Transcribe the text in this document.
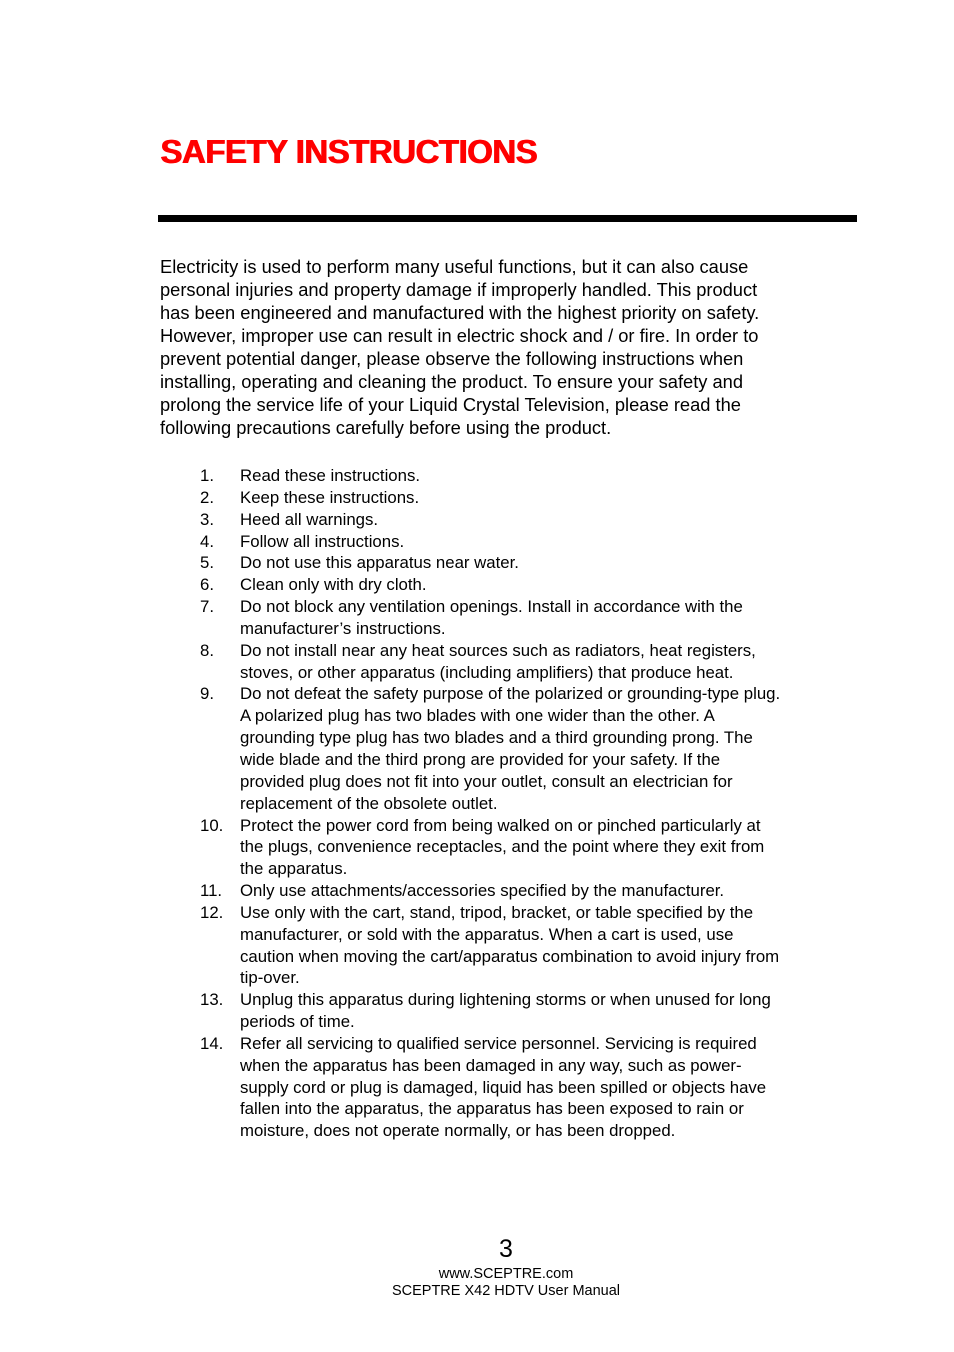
SAFETY INSTRUCTIONS

Electricity is used to perform many useful functions, but it can also cause
personal injuries and property damage if improperly handled. This product
has been engineered and manufactured with the highest priority on safety.
However, improper use can result in electric shock and / or fire. In order to
prevent potential danger, please observe the following instructions when
installing, operating and cleaning the product. To ensure your safety and
prolong the service life of your Liquid Crystal Television, please read the
following precautions carefully before using the product.

1. Read these instructions.
2. Keep these instructions.
3. Heed all warnings.
4. Follow all instructions.
5. Do not use this apparatus near water.
6. Clean only with dry cloth.
7. Do not block any ventilation openings. Install in accordance with the
manufacturer’s instructions.
8. Do not install near any heat sources such as radiators, heat registers,
stoves, or other apparatus (including amplifiers) that produce heat.
9. Do not defeat the safety purpose of the polarized or grounding-type plug.
A polarized plug has two blades with one wider than the other. A
grounding type plug has two blades and a third grounding prong. The
wide blade and the third prong are provided for your safety. If the
provided plug does not fit into your outlet, consult an electrician for
replacement of the obsolete outlet.
10. Protect the power cord from being walked on or pinched particularly at
the plugs, convenience receptacles, and the point where they exit from
the apparatus.
11. Only use attachments/accessories specified by the manufacturer.
12. Use only with the cart, stand, tripod, bracket, or table specified by the
manufacturer, or sold with the apparatus. When a cart is used, use
caution when moving the cart/apparatus combination to avoid injury from
tip-over.
13. Unplug this apparatus during lightening storms or when unused for long
periods of time.
14. Refer all servicing to qualified service personnel. Servicing is required
when the apparatus has been damaged in any way, such as power-
supply cord or plug is damaged, liquid has been spilled or objects have
fallen into the apparatus, the apparatus has been exposed to rain or
moisture, does not operate normally, or has been dropped.
3
www.SCEPTRE.com
SCEPTRE X42 HDTV User Manual
